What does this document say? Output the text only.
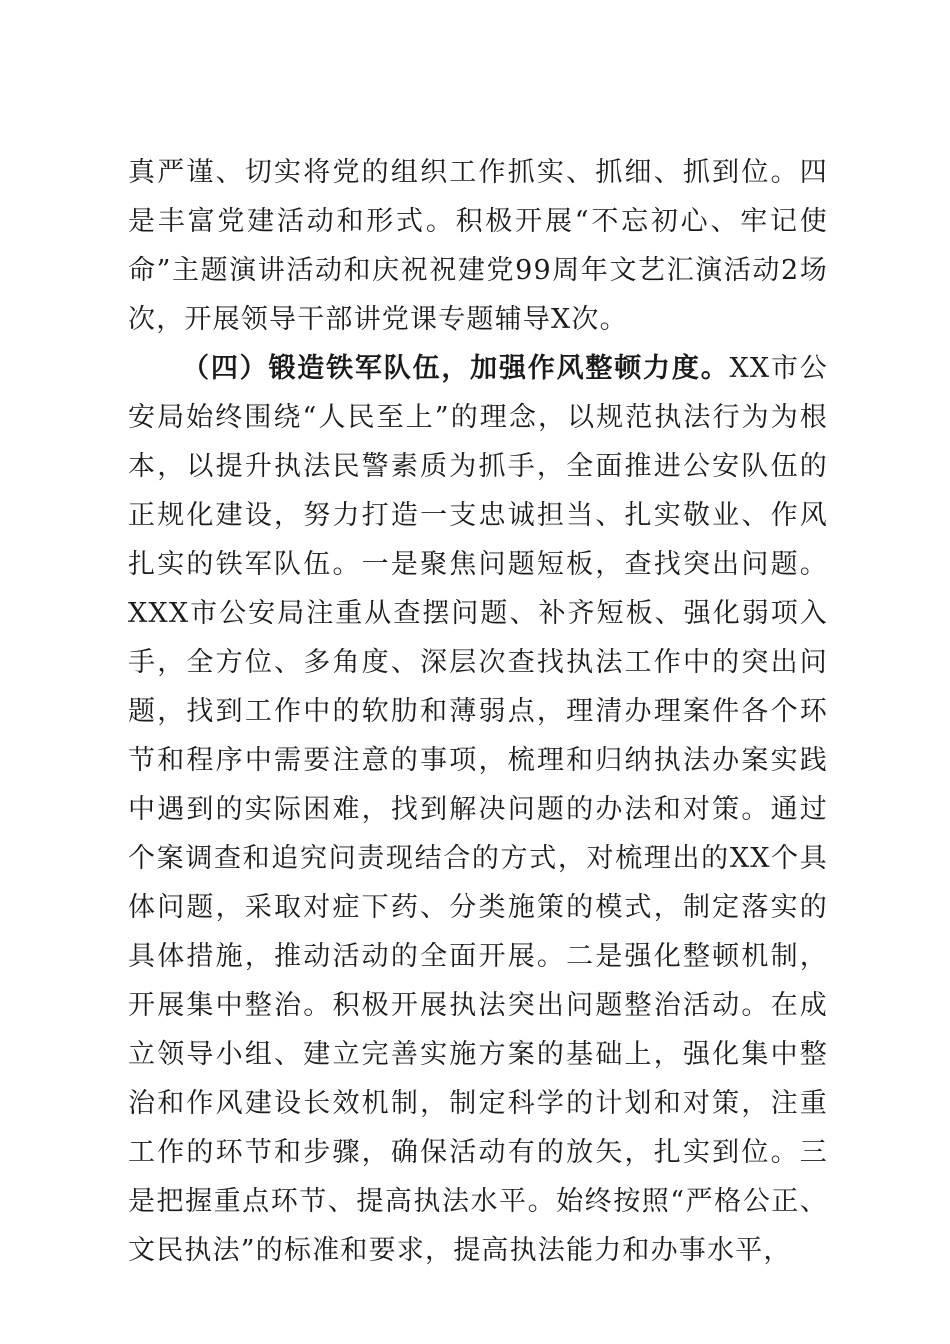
真严谨、切实将党的组织工作抓实、抓细、抓到位。四是丰富党建活动和形式。积极开展“不忘初心、牢记使命”主题演讲活动和庆祝祝建党99周年文艺汇演活动2场次，开展领导干部讲党课专题辅导X次。

（四）锻造铁军队伍，加强作风整顿力度。XX市公安局始终围绕“人民至上”的理念，以规范执法行为为根本，以提升执法民警素质为抓手，全面推进公安队伍的正规化建设，努力打造一支忠诚担当、扎实敬业、作风扎实的铁军队伍。一是聚焦问题短板，查找突出问题。XXX市公安局注重从查摆问题、补齐短板、强化弱项入手，全方位、多角度、深层次查找执法工作中的突出问题，找到工作中的软肋和薄弱点，理清办理案件各个环节和程序中需要注意的事项，梳理和归纳执法办案实践中遇到的实际困难，找到解决问题的办法和对策。通过个案调查和追究问责现结合的方式，对梳理出的XX个具体问题，采取对症下药、分类施策的模式，制定落实的具体措施，推动活动的全面开展。二是强化整顿机制，开展集中整治。积极开展执法突出问题整治活动。在成立领导小组、建立完善实施方案的基础上，强化集中整治和作风建设长效机制，制定科学的计划和对策，注重工作的环节和步骤，确保活动有的放矢，扎实到位。三是把握重点环节、提高执法水平。始终按照“严格公正、文民执法”的标准和要求，提高执法能力和办事水平，
